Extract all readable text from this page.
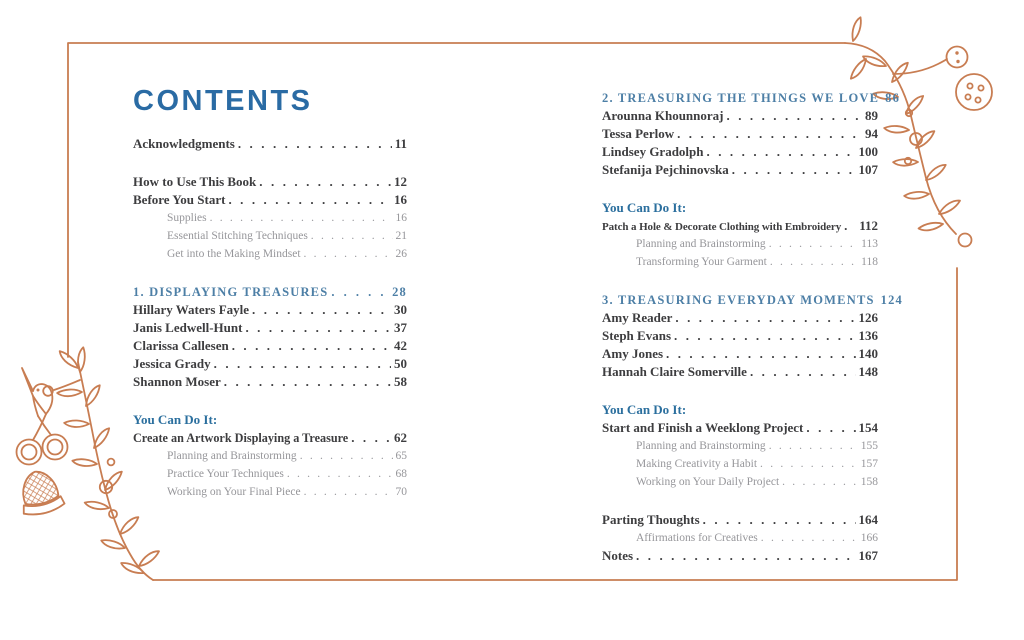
CONTENTS
Acknowledgments . . .	11
How to Use This Book . . .	12
Before You Start . . .	16
Supplies . . .	16
Essential Stitching Techniques . . .	21
Get into the Making Mindset . . .	26
1. DISPLAYING TREASURES . . .	28
Hillary Waters Fayle . . .	30
Janis Ledwell-Hunt . . .	37
Clarissa Callesen . . .	42
Jessica Grady . . .	50
Shannon Moser . . .	58
You Can Do It:
Create an Artwork Displaying a Treasure . . .	62
Planning and Brainstorming . . .	65
Practice Your Techniques . . .	68
Working on Your Final Piece . . .	70
2. TREASURING THE THINGS WE LOVE 86
Arounna Khounnoraj . . .	89
Tessa Perlow . . .	94
Lindsey Gradolph . . .	100
Stefanija Pejchinovska . . .	107
You Can Do It:
Patch a Hole & Decorate Clothing with Embroidery . . . 112
Planning and Brainstorming . . .	113
Transforming Your Garment . . .	118
3. TREASURING EVERYDAY MOMENTS 124
Amy Reader . . .	126
Steph Evans . . .	136
Amy Jones . . .	140
Hannah Claire Somerville . . .	148
You Can Do It:
Start and Finish a Weeklong Project . . .	154
Planning and Brainstorming . . .	155
Making Creativity a Habit . . .	157
Working on Your Daily Project . . .	158
Parting Thoughts . . .	164
Affirmations for Creatives . . .	166
Notes . . .	167
